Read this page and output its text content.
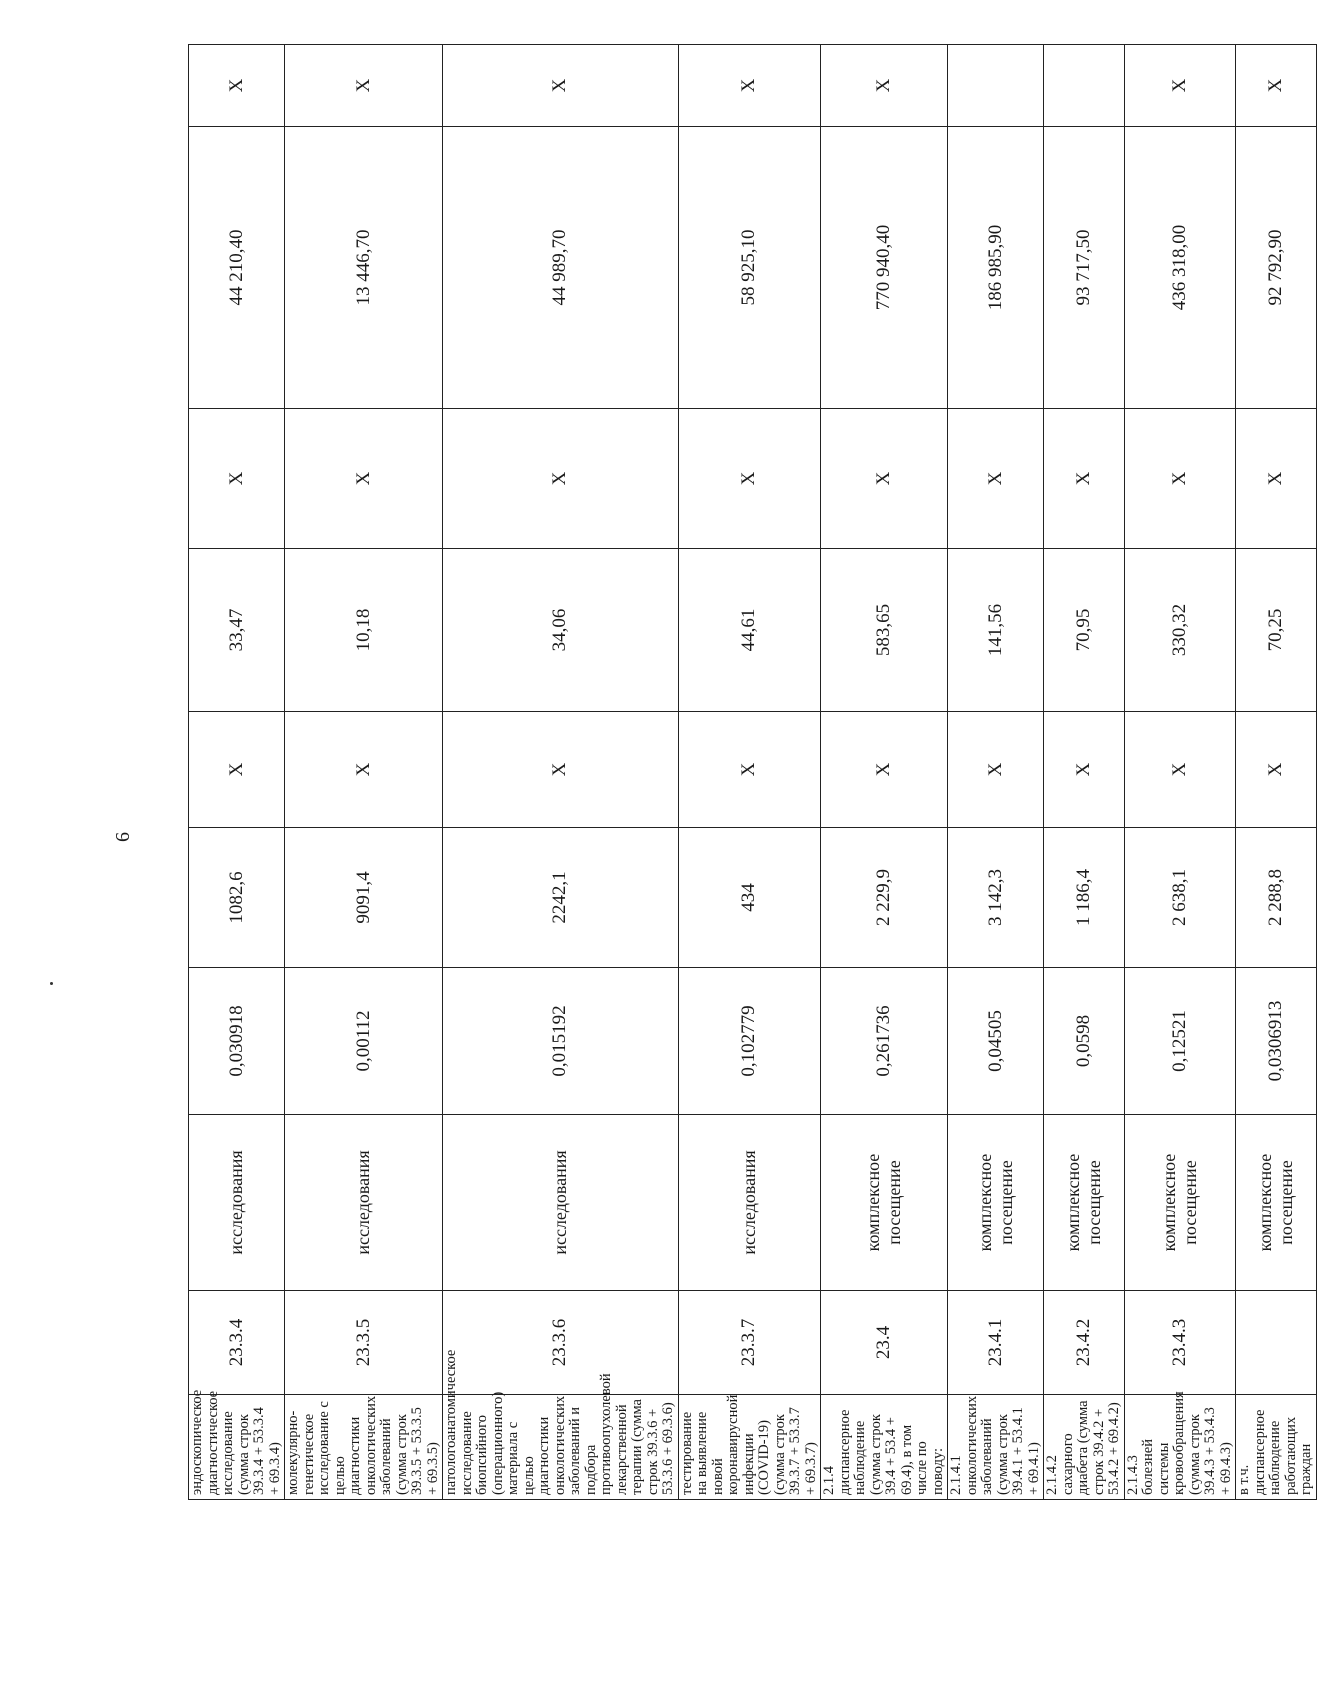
6
эндоскопическое диагностическое исследование (сумма строк 39.3.4 + 53.3.4 + 69.3.4)	23.3.4	исследования	0,030918	1082,6	X	33,47	X	44 210,40	X
молекулярно-генетическое исследование с целью диагностики онкологических заболеваний (сумма строк 39.3.5 + 53.3.5 + 69.3.5)	23.3.5	исследования	0,00112	9091,4	X	10,18	X	13 446,70	X
патологоанатомическое исследование биопсийного (операционного) материала с целью диагностики онкологических заболеваний и подбора противоопухолевой лекарственной терапии (сумма строк 39.3.6 + 53.3.6 + 69.3.6)	23.3.6	исследования	0,015192	2242,1	X	34,06	X	44 989,70	X
тестирование на выявление новой коронавирусной инфекции (COVID-19) (сумма строк 39.3.7 + 53.3.7 + 69.3.7)	23.3.7	исследования	0,102779	434	X	44,61	X	58 925,10	X
2.1.4 диспансерное наблюдение (сумма строк 39.4 + 53.4 + 69.4), в том числе по поводу:	23.4	комплексное посещение	0,261736	2 229,9	X	583,65	X	770 940,40	X
2.1.4.1 онкологических заболеваний (сумма строк 39.4.1 + 53.4.1 + 69.4.1)	23.4.1	комплексное посещение	0,04505	3 142,3	X	141,56	X	186 985,90	
2.1.4.2 сахарного диабета (сумма строк 39.4.2 + 53.4.2 + 69.4.2)	23.4.2	комплексное посещение	0,0598	1 186,4	X	70,95	X	93 717,50	
2.1.4.3 болезней системы кровообращения (сумма строк 39.4.3 + 53.4.3 + 69.4.3)	23.4.3	комплексное посещение	0,12521	2 638,1	X	330,32	X	436 318,00	X
в т.ч. диспансерное наблюдение работающих граждан		комплексное посещение	0,0306913	2 288,8	X	70,25	X	92 792,90	X
